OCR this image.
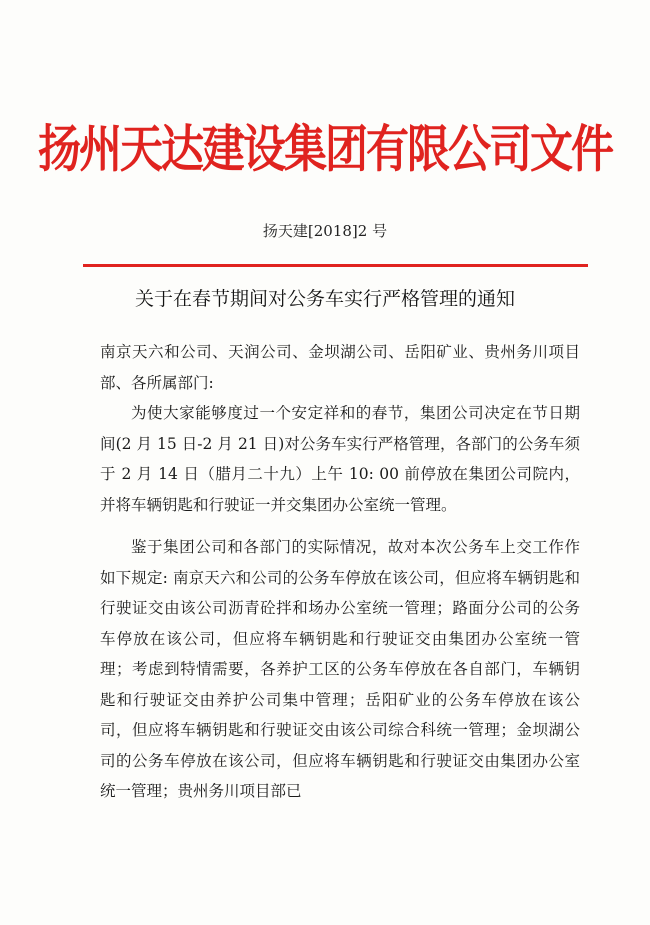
扬州天达建设集团有限公司文件
扬天建[2018]2 号
关于在春节期间对公务车实行严格管理的通知

南京天六和公司、天润公司、金坝湖公司、岳阳矿业、贵州务川项目部、各所属部门:

为使大家能够度过一个安定祥和的春节，集团公司决定在节日期间(2 月 15 日-2 月 21 日)对公务车实行严格管理，各部门的公务车须于 2 月 14 日（腊月二十九）上午 10: 00 前停放在集团公司院内，并将车辆钥匙和行驶证一并交集团办公室统一管理。

鉴于集团公司和各部门的实际情况，故对本次公务车上交工作作如下规定: 南京天六和公司的公务车停放在该公司，但应将车辆钥匙和行驶证交由该公司沥青砼拌和场办公室统一管理；路面分公司的公务车停放在该公司，但应将车辆钥匙和行驶证交由集团办公室统一管理；考虑到特情需要，各养护工区的公务车停放在各自部门，车辆钥匙和行驶证交由养护公司集中管理；岳阳矿业的公务车停放在该公司，但应将车辆钥匙和行驶证交由该公司综合科统一管理；金坝湖公司的公务车停放在该公司，但应将车辆钥匙和行驶证交由集团办公室统一管理；贵州务川项目部已
